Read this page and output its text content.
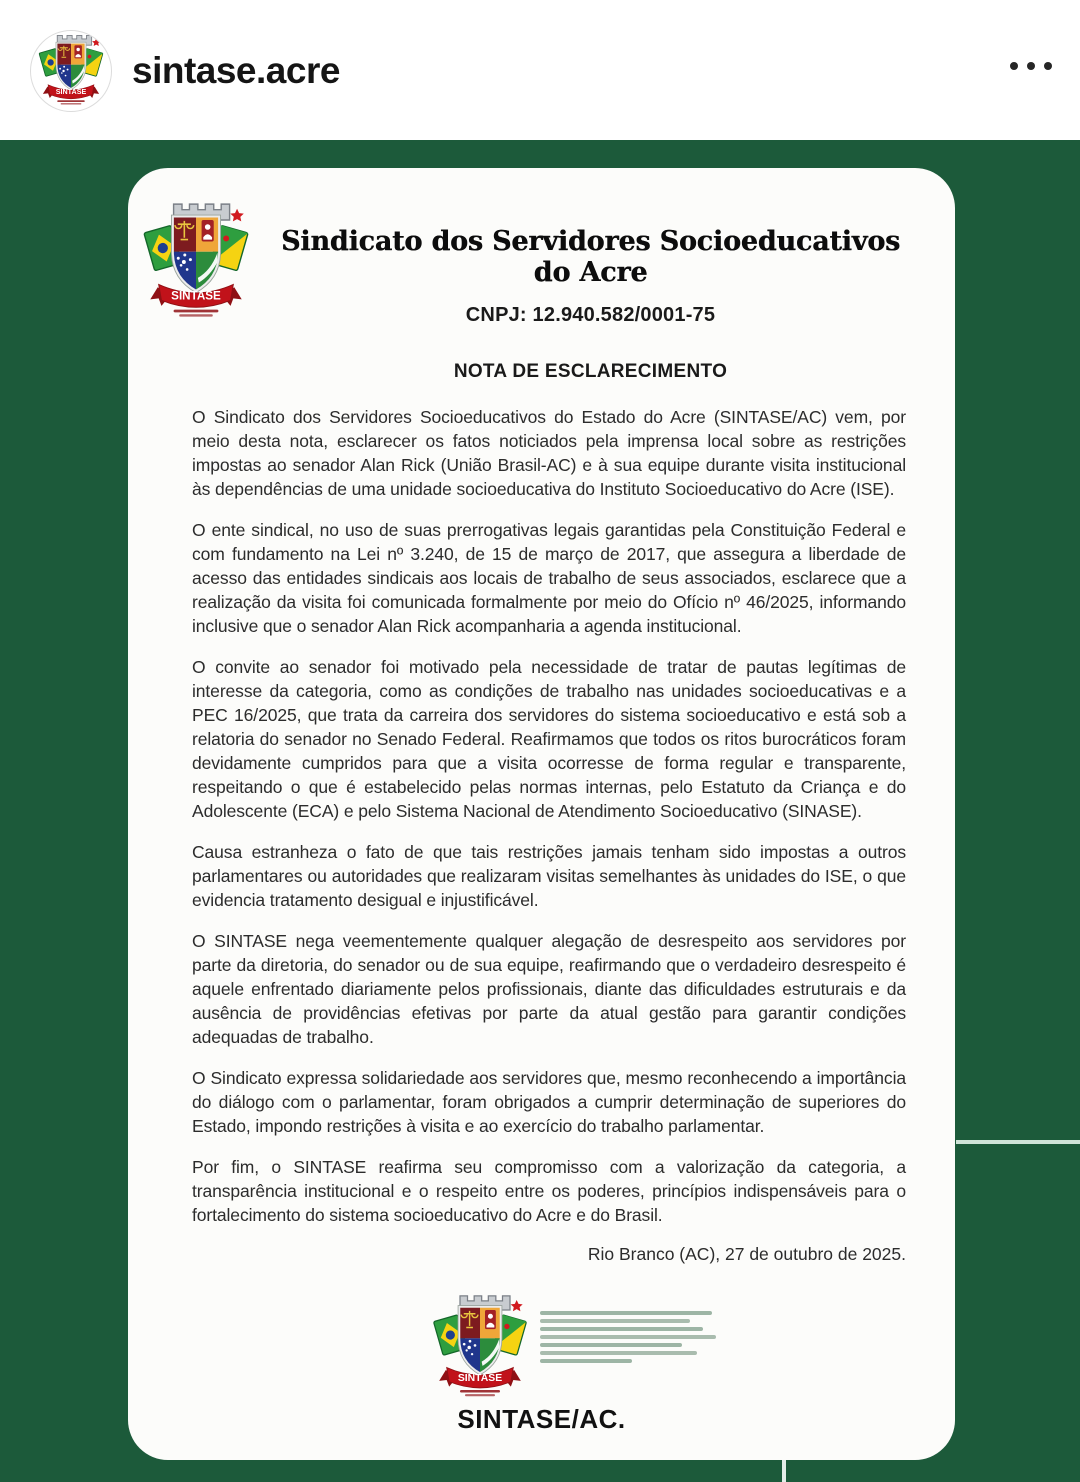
sintase.acre
Sindicato dos Servidores Socioeducativos do Acre
CNPJ: 12.940.582/0001-75
NOTA DE ESCLARECIMENTO

O Sindicato dos Servidores Socioeducativos do Estado do Acre (SINTASE/AC) vem, por meio desta nota, esclarecer os fatos noticiados pela imprensa local sobre as restrições impostas ao senador Alan Rick (União Brasil-AC) e à sua equipe durante visita institucional às dependências de uma unidade socioeducativa do Instituto Socioeducativo do Acre (ISE).

O ente sindical, no uso de suas prerrogativas legais garantidas pela Constituição Federal e com fundamento na Lei nº 3.240, de 15 de março de 2017, que assegura a liberdade de acesso das entidades sindicais aos locais de trabalho de seus associados, esclarece que a realização da visita foi comunicada formalmente por meio do Ofício nº 46/2025, informando inclusive que o senador Alan Rick acompanharia a agenda institucional.

O convite ao senador foi motivado pela necessidade de tratar de pautas legítimas de interesse da categoria, como as condições de trabalho nas unidades socioeducativas e a PEC 16/2025, que trata da carreira dos servidores do sistema socioeducativo e está sob a relatoria do senador no Senado Federal. Reafirmamos que todos os ritos burocráticos foram devidamente cumpridos para que a visita ocorresse de forma regular e transparente, respeitando o que é estabelecido pelas normas internas, pelo Estatuto da Criança e do Adolescente (ECA) e pelo Sistema Nacional de Atendimento Socioeducativo (SINASE).

Causa estranheza o fato de que tais restrições jamais tenham sido impostas a outros parlamentares ou autoridades que realizaram visitas semelhantes às unidades do ISE, o que evidencia tratamento desigual e injustificável.

O SINTASE nega veementemente qualquer alegação de desrespeito aos servidores por parte da diretoria, do senador ou de sua equipe, reafirmando que o verdadeiro desrespeito é aquele enfrentado diariamente pelos profissionais, diante das dificuldades estruturais e da ausência de providências efetivas por parte da atual gestão para garantir condições adequadas de trabalho.

O Sindicato expressa solidariedade aos servidores que, mesmo reconhecendo a importância do diálogo com o parlamentar, foram obrigados a cumprir determinação de superiores do Estado, impondo restrições à visita e ao exercício do trabalho parlamentar.

Por fim, o SINTASE reafirma seu compromisso com a valorização da categoria, a transparência institucional e o respeito entre os poderes, princípios indispensáveis para o fortalecimento do sistema socioeducativo do Acre e do Brasil.

Rio Branco (AC), 27 de outubro de 2025.
SINTASE/AC.
